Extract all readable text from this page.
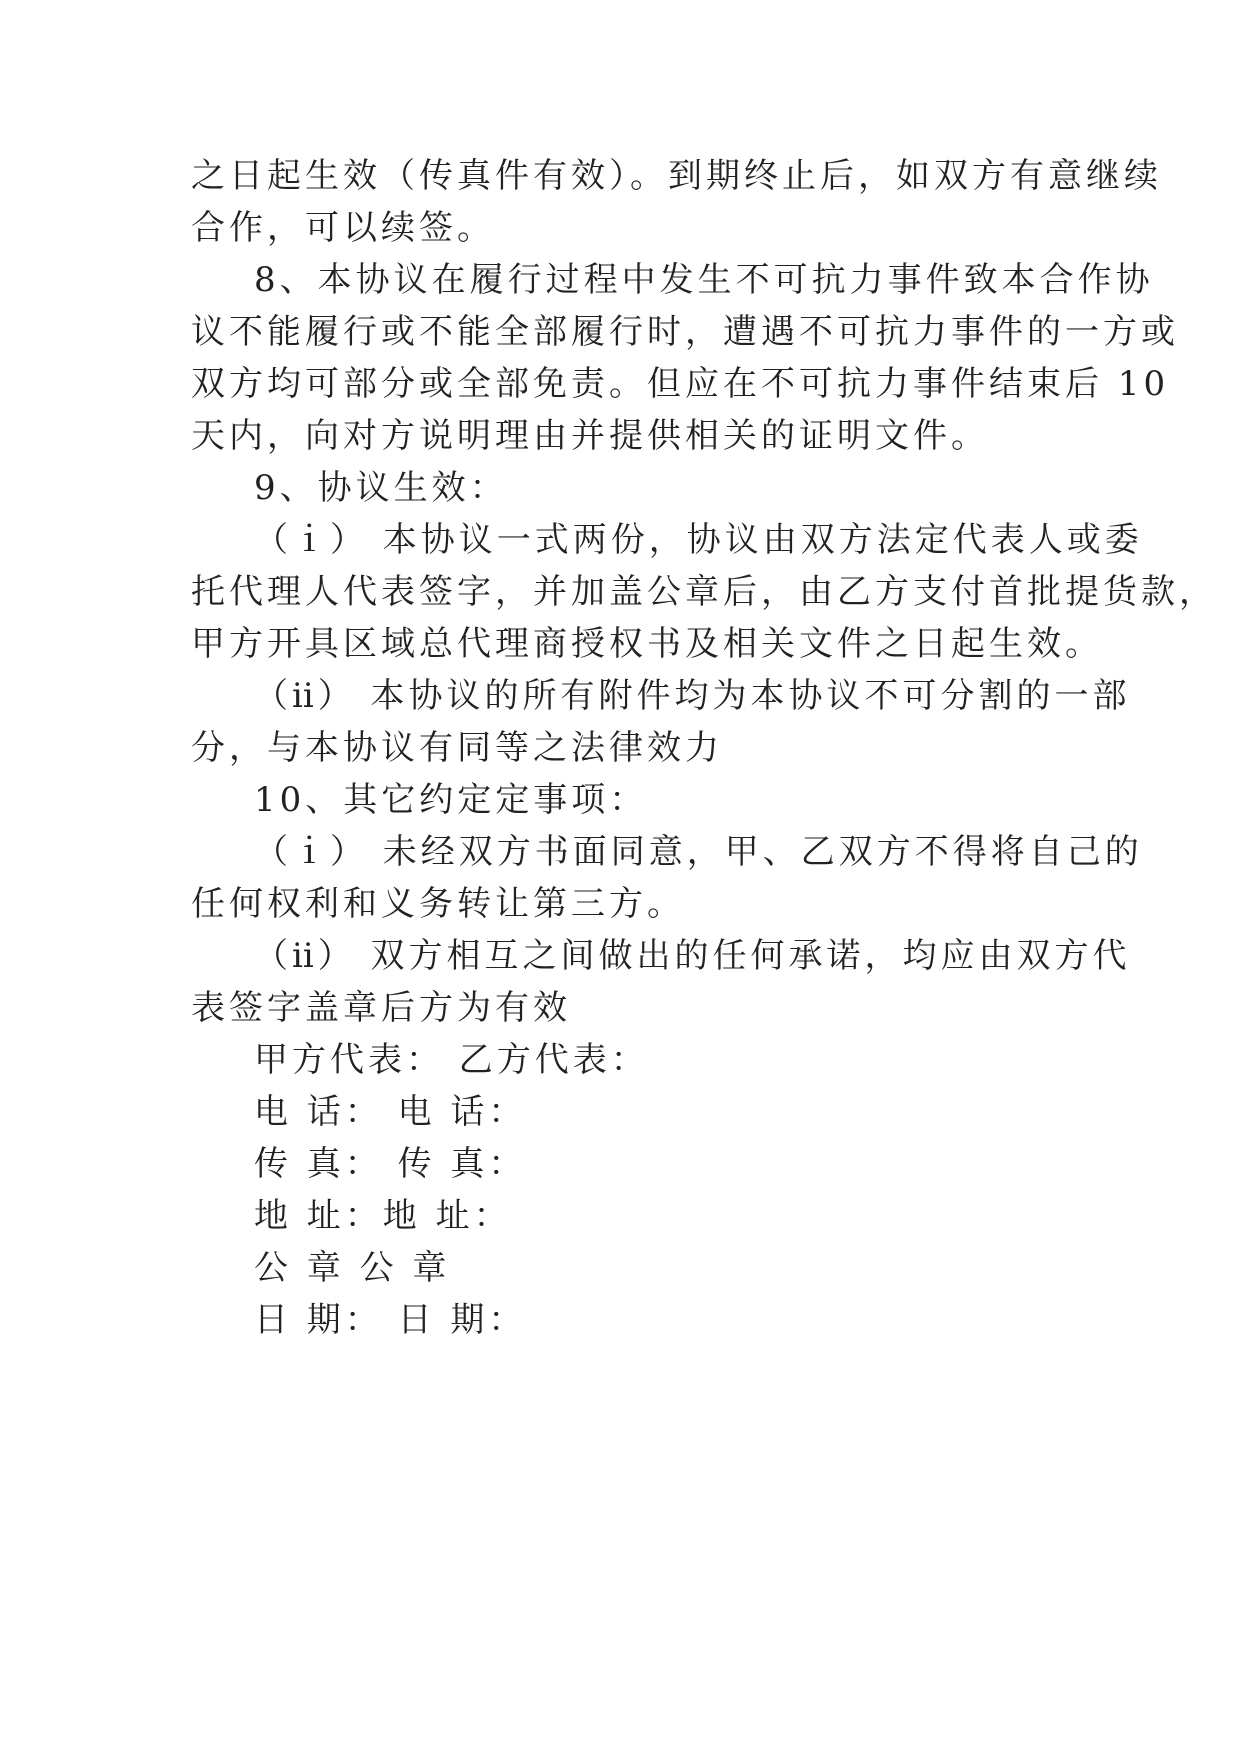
之日起生效（传真件有效）。到期终止后，如双方有意继续
合作，可以续签。
8、本协议在履行过程中发生不可抗力事件致本合作协
议不能履行或不能全部履行时，遭遇不可抗力事件的一方或
双方均可部分或全部免责。但应在不可抗力事件结束后 10
天内，向对方说明理由并提供相关的证明文件。
9、协议生效：
（ｉ） 本协议一式两份，协议由双方法定代表人或委
托代理人代表签字，并加盖公章后，由乙方支付首批提货款，
甲方开具区域总代理商授权书及相关文件之日起生效。
（ⅱ） 本协议的所有附件均为本协议不可分割的一部
分，与本协议有同等之法律效力
10、其它约定定事项：
（ｉ） 未经双方书面同意，甲、乙双方不得将自己的
任何权利和义务转让第三方。
（ⅱ） 双方相互之间做出的任何承诺，均应由双方代
表签字盖章后方为有效
甲方代表： 乙方代表：
电 话： 电 话：
传 真： 传 真：
地 址：地 址：
公 章 公 章
日 期： 日 期：
